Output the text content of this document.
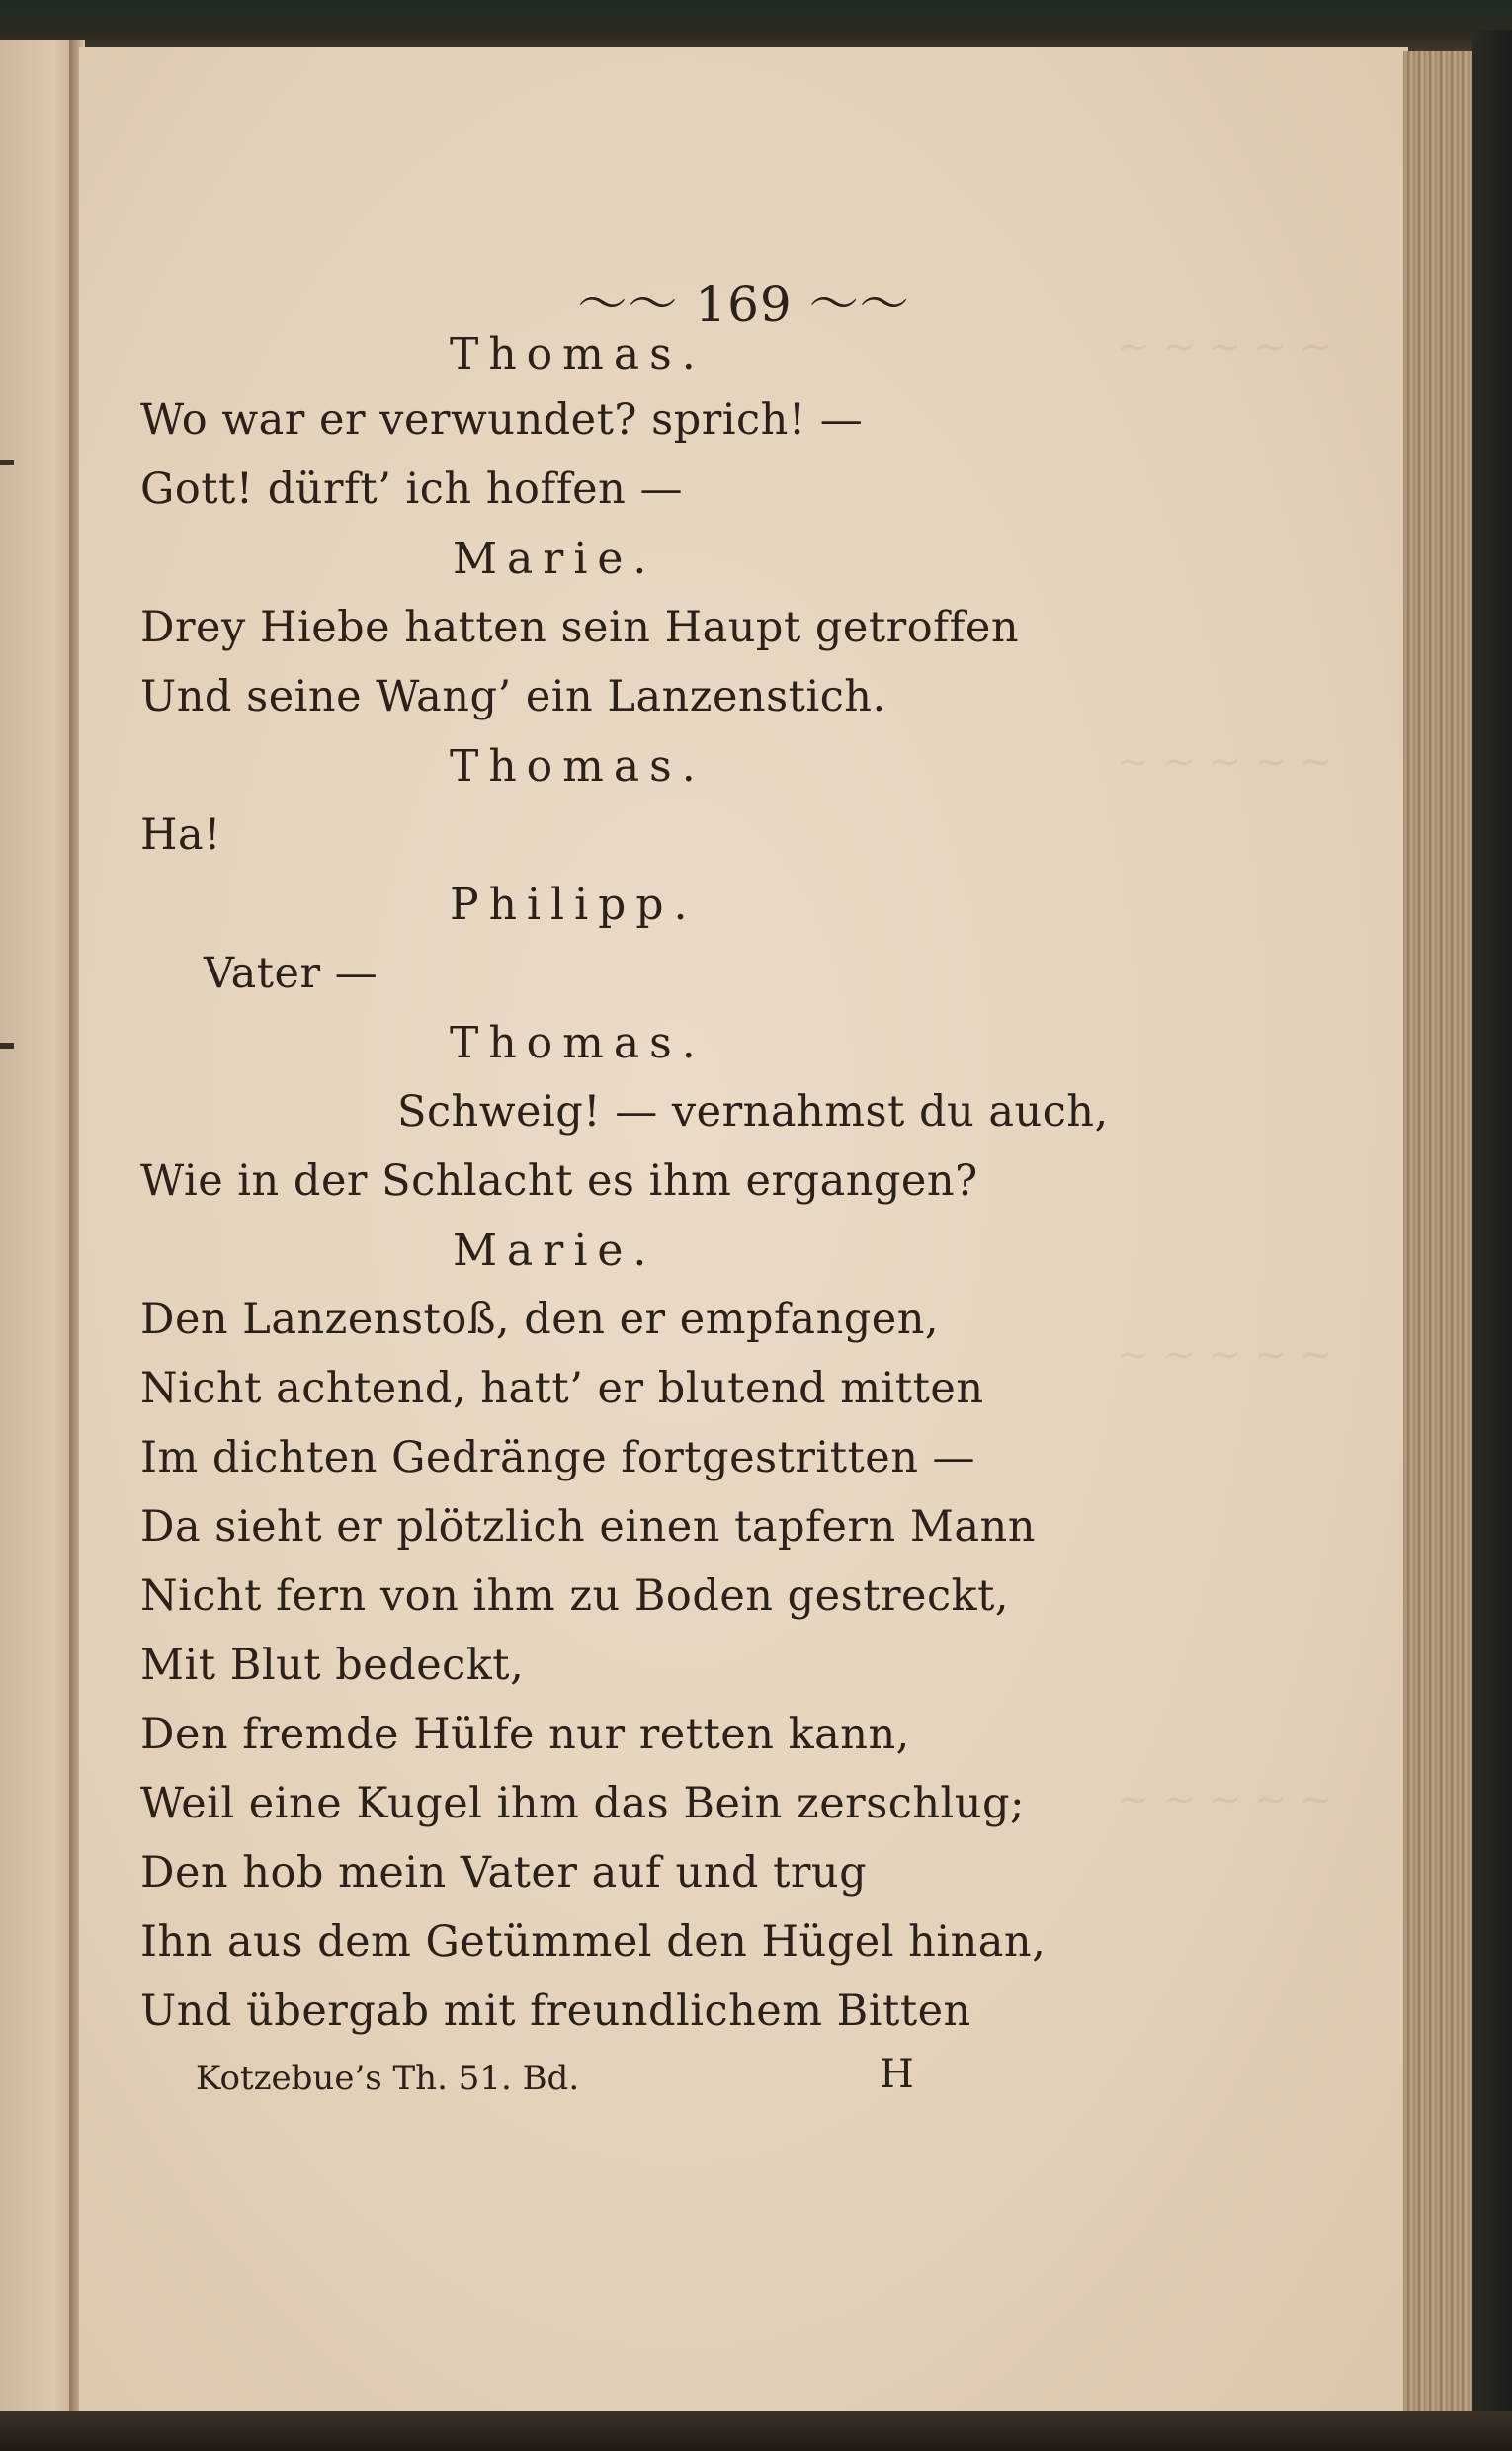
~ ~ ~ ~ ~
~ ~ ~ ~ ~
~ ~ ~ ~ ~
~ ~ ~ ~ ~
〜〜 169 〜〜
Thomas.
Wo war er verwundet? sprich! —
Gott! dürft’ ich hoffen —
Marie.
Drey Hiebe hatten sein Haupt getroffen
Und seine Wang’ ein Lanzenstich.
Thomas.
Ha!
Philipp.
Vater —
Thomas.
Schweig! — vernahmst du auch,
Wie in der Schlacht es ihm ergangen?
Marie.
Den Lanzenstoß, den er empfangen,
Nicht achtend, hatt’ er blutend mitten
Im dichten Gedränge fortgestritten —
Da sieht er plötzlich einen tapfern Mann
Nicht fern von ihm zu Boden gestreckt,
Mit Blut bedeckt,
Den fremde Hülfe nur retten kann,
Weil eine Kugel ihm das Bein zerschlug;
Den hob mein Vater auf und trug
Ihn aus dem Getümmel den Hügel hinan,
Und übergab mit freundlichem Bitten
Kotzebue’s Th. 51. Bd.	H
